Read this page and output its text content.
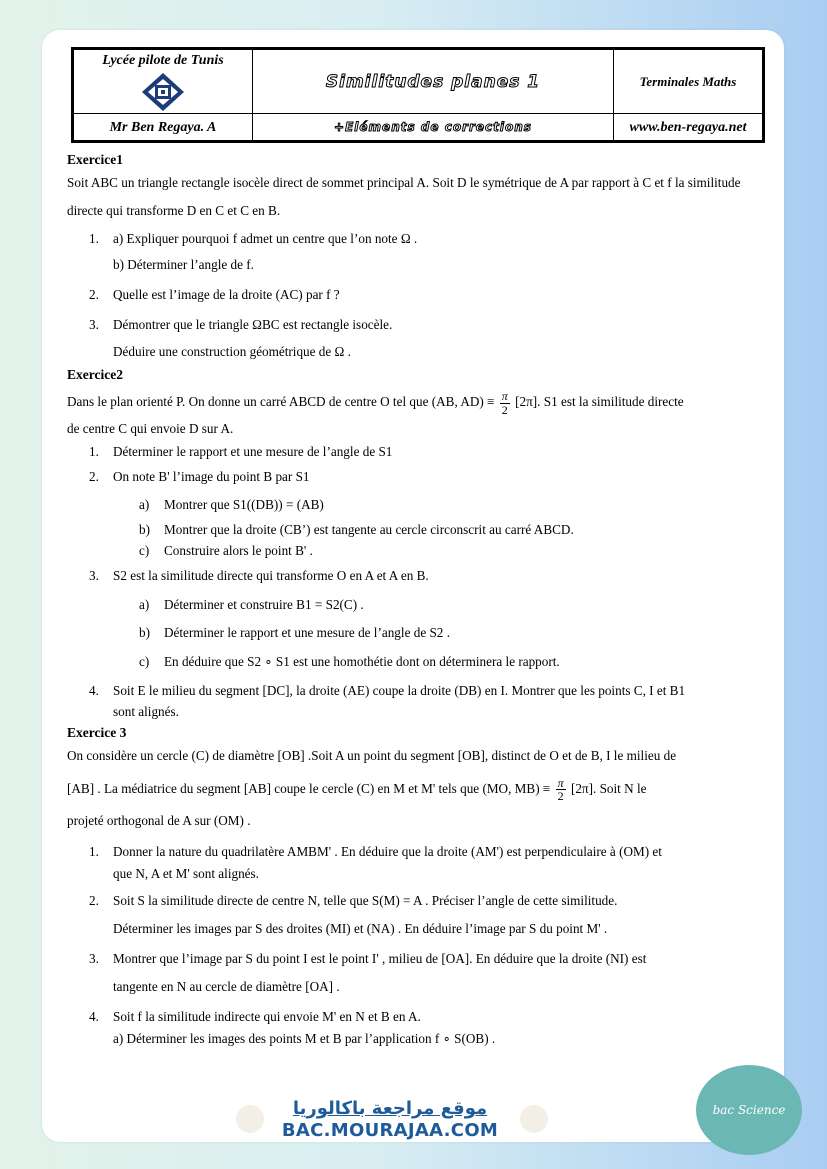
Lycée pilote de Tunis	Similitudes planes 1	Terminales Maths
Mr Ben Regaya. A	+Eléments de corrections	www.ben-regaya.net

Exercice1

Soit ABC un triangle rectangle isocèle direct de sommet principal A. Soit D le symétrique de A par rapport à C et f la similitude directe qui transforme D en C et C en B.

1. a) Expliquer pourquoi f admet un centre que l’on note Ω .
b) Déterminer l’angle de f.
2. Quelle est l’image de la droite (AC) par f ?
3. Démontrer que le triangle ΩBC est rectangle isocèle.
Déduire une construction géométrique de Ω .

Exercice2

Dans le plan orienté P. On donne un carré ABCD de centre O tel que (AB, $AD) \equiv \frac{\pi}{2} [2\pi]$. S1 est la similitude directe

de centre C qui envoie D sur A.

1. Déterminer le rapport et une mesure de l’angle de S1
2. On note B' l’image du point B par S1
a) Montrer que S1((DB)) = (AB)
b) Montrer que la droite (CB’) est tangente au cercle circonscrit au carré ABCD.
c) Construire alors le point B' .
3. S2 est la similitude directe qui transforme O en A et A en B.
a) Déterminer et construire B1 = S2(C) .
b) Déterminer le rapport et une mesure de l’angle de S2 .
c) En déduire que S2 ∘ S1 est une homothétie dont on déterminera le rapport.
4. Soit E le milieu du segment [DC], la droite (AE) coupe la droite (DB) en I. Montrer que les points C, I et B1
sont alignés.

Exercice 3

On considère un cercle (C) de diamètre [OB] .Soit A un point du segment [OB], distinct de O et de B, I le milieu de

[AB] . La médiatrice du segment [AB] coupe le cercle (C) en M et M' tels que (MO, $MB) \equiv \frac{\pi}{2} [2\pi]$. Soit N le

projeté orthogonal de A sur (OM) .

1. Donner la nature du quadrilatère AMBM' . En déduire que la droite (AM') est perpendiculaire à (OM) et
que N, A et M' sont alignés.
2. Soit S la similitude directe de centre N, telle que S(M) = A . Préciser l’angle de cette similitude.
Déterminer les images par S des droites (MI) et (NA) . En déduire l’image par S du point M' .
3. Montrer que l’image par S du point I est le point I' , milieu de [OA]. En déduire que la droite (NI) est
tangente en N au cercle de diamètre [OA] .
4. Soit f la similitude indirecte qui envoie M' en N et B en A.
a) Déterminer les images des points M et B par l’application f ∘ S(OB) .
موقع مراجعة باكالوريا
BAC.MOURAJAA.COM
bac Science
